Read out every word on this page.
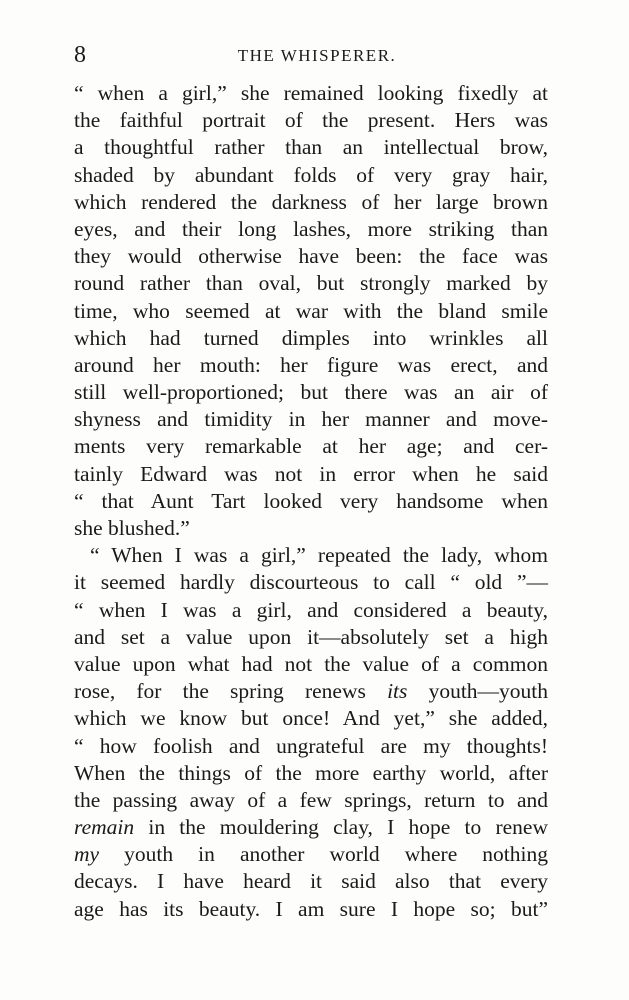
8	THE WHISPERER.
“ when a girl,” she remained looking fixedly at
the faithful portrait of the present. Hers was
a thoughtful rather than an intellectual brow,
shaded by abundant folds of very gray hair,
which rendered the darkness of her large brown
eyes, and their long lashes, more striking than
they would otherwise have been: the face was
round rather than oval, but strongly marked by
time, who seemed at war with the bland smile
which had turned dimples into wrinkles all
around her mouth: her figure was erect, and
still well-proportioned; but there was an air of
shyness and timidity in her manner and move-
ments very remarkable at her age; and cer-
tainly Edward was not in error when he said
“ that Aunt Tart looked very handsome when
she blushed.”
“ When I was a girl,” repeated the lady, whom
it seemed hardly discourteous to call “ old ”—
“ when I was a girl, and considered a beauty,
and set a value upon it—absolutely set a high
value upon what had not the value of a common
rose, for the spring renews its youth—youth
which we know but once! And yet,” she added,
“ how foolish and ungrateful are my thoughts!
When the things of the more earthy world, after
the passing away of a few springs, return to and
remain in the mouldering clay, I hope to renew
my youth in another world where nothing
decays. I have heard it said also that every
age has its beauty. I am sure I hope so; but”
